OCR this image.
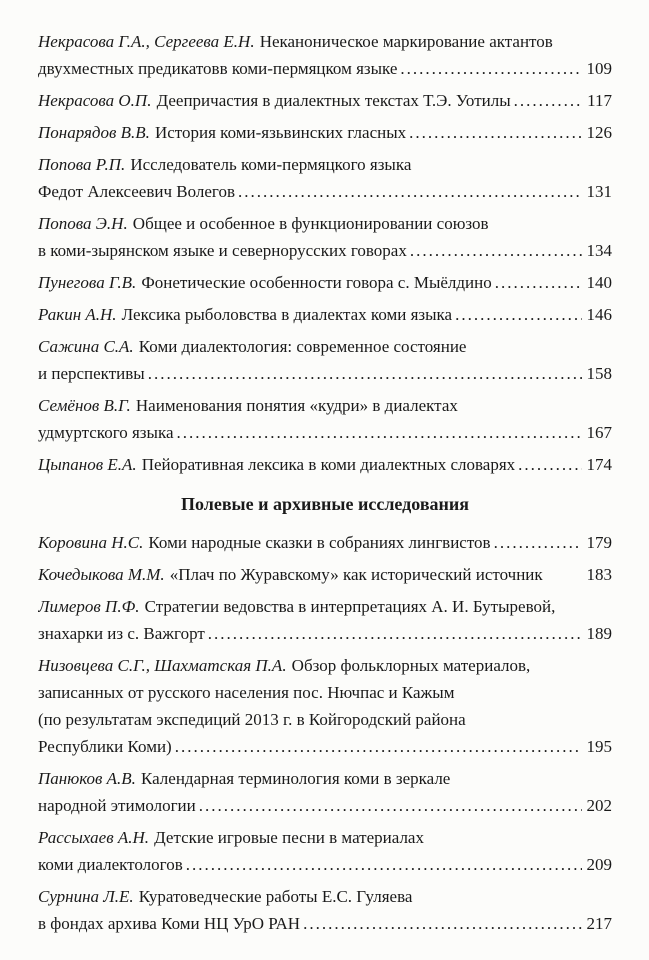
Некрасова Г.А., Сергеева Е.Н. Неканоническое маркирование актантов
двухместных предикатовв коми-пермяцком языке .....	109
Некрасова О.П. Деепричастия в диалектных текстах Т.Э. Уотилы .....	117
Понарядов В.В. История коми-язьвинских гласных .....	126
Попова Р.П. Исследователь коми-пермяцкого языка
Федот Алексеевич Волегов .....	131
Попова Э.Н. Общее и особенное в функционировании союзов
в коми-зырянском языке и севернорусских говорах .....	134
Пунегова Г.В. Фонетические особенности говора с. Мыёлдино .....	140
Ракин А.Н. Лексика рыболовства в диалектах коми языка .....	146
Сажина С.А. Коми диалектология: современное состояние
и перспективы .....	158
Семёнов В.Г. Наименования понятия «кудри» в диалектах
удмуртского языка .....	167
Цыпанов Е.А. Пейоративная лексика в коми диалектных словарях .....	174
Полевые и архивные исследования
Коровина Н.С. Коми народные сказки в собраниях лингвистов .....	179
Кочедыкова М.М. «Плач по Журавскому» как исторический источник	183
Лимеров П.Ф. Стратегии ведовства в интерпретациях А. И. Бутыревой,
знахарки из с. Важгорт .....	189
Низовцева С.Г., Шахматская П.А. Обзор фольклорных материалов,
записанных от русского населения пос. Нючпас и Кажым
(по результатам экспедиций 2013 г. в Койгородский района
Республики Коми) .....	195
Панюков А.В. Календарная терминология коми в зеркале
народной этимологии .....	202
Рассыхаев А.Н. Детские игровые песни в материалах
коми диалектологов .....	209
Сурнина Л.Е. Куратоведческие работы Е.С. Гуляева
в фондах архива Коми НЦ УрО РАН .....	217
